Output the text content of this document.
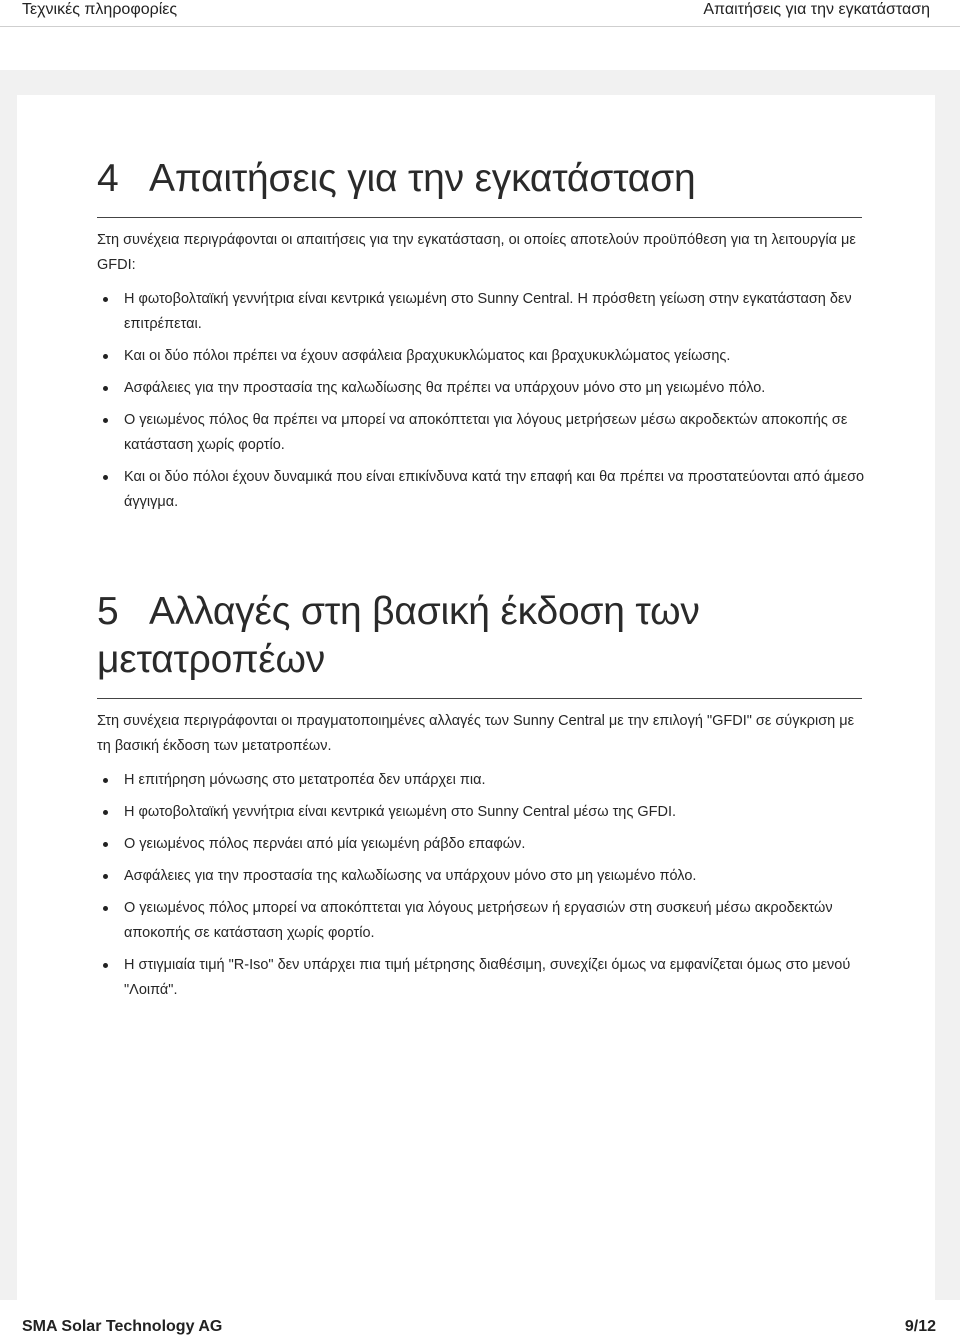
Τεχνικές πληροφορίες	Απαιτήσεις για την εγκατάσταση
4 Απαιτήσεις για την εγκατάσταση

Στη συνέχεια περιγράφονται οι απαιτήσεις για την εγκατάσταση, οι οποίες αποτελούν προϋπόθεση για τη λειτουργία με GFDI:

Η φωτοβολταϊκή γεννήτρια είναι κεντρικά γειωμένη στο Sunny Central. Η πρόσθετη γείωση στην εγκατάσταση δεν επιτρέπεται.
Και οι δύο πόλοι πρέπει να έχουν ασφάλεια βραχυκυκλώματος και βραχυκυκλώματος γείωσης.
Ασφάλειες για την προστασία της καλωδίωσης θα πρέπει να υπάρχουν μόνο στο μη γειωμένο πόλο.
Ο γειωμένος πόλος θα πρέπει να μπορεί να αποκόπτεται για λόγους μετρήσεων μέσω ακροδεκτών αποκοπής σε κατάσταση χωρίς φορτίο.
Και οι δύο πόλοι έχουν δυναμικά που είναι επικίνδυνα κατά την επαφή και θα πρέπει να προστατεύονται από άμεσο άγγιγμα.
5 Αλλαγές στη βασική έκδοση των μετατροπέων

Στη συνέχεια περιγράφονται οι πραγματοποιημένες αλλαγές των Sunny Central με την επιλογή "GFDI" σε σύγκριση με τη βασική έκδοση των μετατροπέων.

Η επιτήρηση μόνωσης στο μετατροπέα δεν υπάρχει πια.
Η φωτοβολταϊκή γεννήτρια είναι κεντρικά γειωμένη στο Sunny Central μέσω της GFDI.
Ο γειωμένος πόλος περνάει από μία γειωμένη ράβδο επαφών.
Ασφάλειες για την προστασία της καλωδίωσης να υπάρχουν μόνο στο μη γειωμένο πόλο.
Ο γειωμένος πόλος μπορεί να αποκόπτεται για λόγους μετρήσεων ή εργασιών στη συσκευή μέσω ακροδεκτών αποκοπής σε κατάσταση χωρίς φορτίο.
Η στιγμιαία τιμή "R-Iso" δεν υπάρχει πια τιμή μέτρησης διαθέσιμη, συνεχίζει όμως να εμφανίζεται όμως στο μενού "Λοιπά".
SMA Solar Technology AG	9/12
